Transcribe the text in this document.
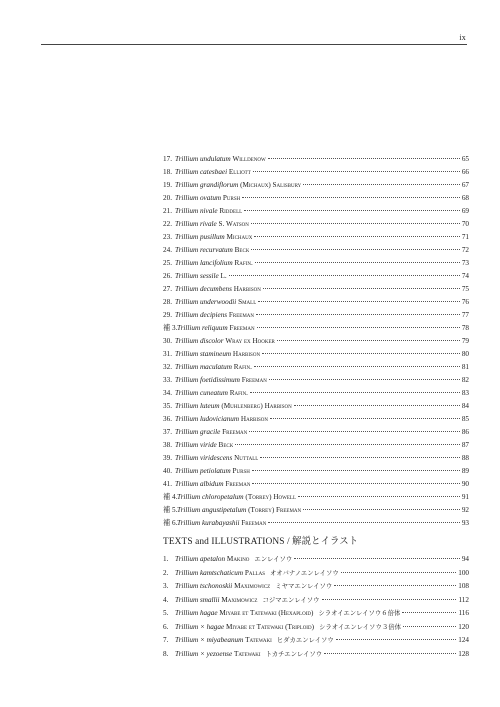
ix
17. Trillium undulatum Willdenow	65
18. Trillium catesbaei Elliott	66
19. Trillium grandiflorum (Michaux) Salisbury	67
20. Trillium ovatum Pursh	68
21. Trillium nivale Riddell	69
22. Trillium rivale S. Watson	70
23. Trillium pusillum Michaux	71
24. Trillium recurvatum Beck	72
25. Trillium lancifolium Rafin.	73
26. Trillium sessile L.	74
27. Trillium decumbens Harbison	75
28. Trillium underwoodii Small	76
29. Trillium decipiens Freeman	77
補 3. Trillium reliquum Freeman	78
30. Trillium discolor Wray ex Hooker	79
31. Trillium stamineum Harbison	80
32. Trillium maculatum Rafin.	81
33. Trillium foetidissimum Freeman	82
34. Trillium cuneatum Rafin.	83
35. Trillium luteum (Muhlenberg) Harbison	84
36. Trillium ludovicianum Harbison	85
37. Trillium gracile Freeman	86
38. Trillium viride Beck	87
39. Trillium viridescens Nuttall	88
40. Trillium petiolatum Pursh	89
41. Trillium albidum Freeman	90
補 4. Trillium chloropetalum (Torrey) Howell	91
補 5. Trillium angustipetalum (Torrey) Freeman	92
補 6. Trillium kurabayashii Freeman	93
TEXTS and ILLUSTRATIONS / 解説とイラスト
1. Trillium apetalon Makino エンレイソウ	94
2. Trillium kamtschaticum Pallas オオバナノエンレイソウ	100
3. Trillium tschonoskii Maximowicz ミヤマエンレイソウ	108
4. Trillium smallii Maximowicz コジマエンレイソウ	112
5. Trillium hagae Miyabe et Tatewaki (Hexaploid) シラオイエンレイソウ６倍体	116
6. Trillium × hagae Miyabe et Tatewaki (Triploid) シラオイエンレイソウ３倍体	120
7. Trillium × miyabeanum Tatewaki ヒダカエンレイソウ	124
8. Trillium × yezoense Tatewaki トカチエンレイソウ	128
